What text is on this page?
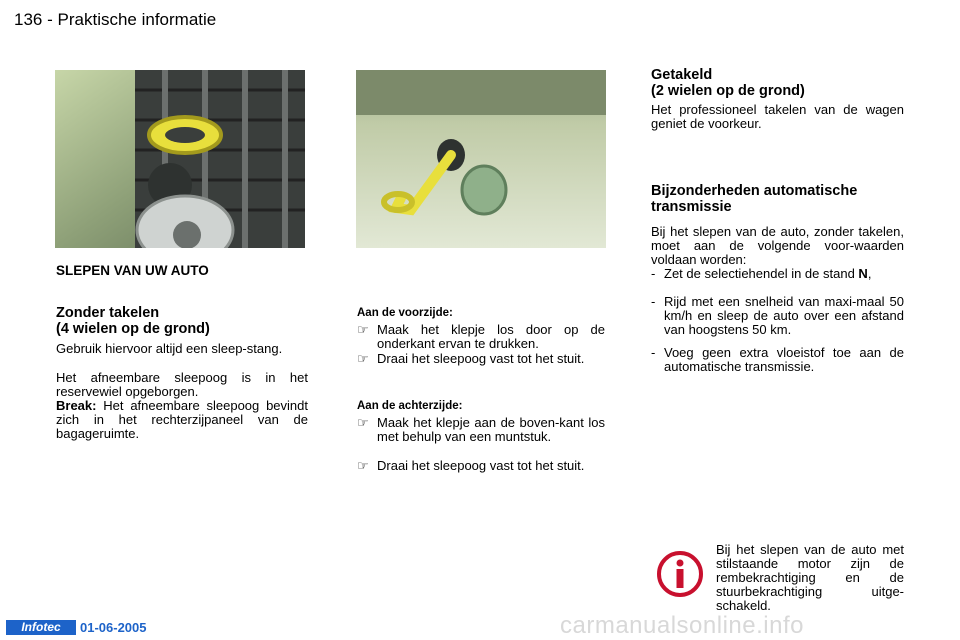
136 - Praktische informatie
SLEPEN VAN UW AUTO
Zonder takelen
(4 wielen op de grond)
Gebruik hiervoor altijd een sleep-stang.
Het afneembare sleepoog is in het reservewiel opgeborgen.
Break: Het afneembare sleepoog bevindt zich in het rechterzijpaneel van de bagageruimte.
Aan de voorzijde:
☞ Maak het klepje los door op de onderkant ervan te drukken.
☞ Draai het sleepoog vast tot het stuit.
Aan de achterzijde:
☞ Maak het klepje aan de boven-kant los met behulp van een muntstuk.
☞ Draai het sleepoog vast tot het stuit.
Getakeld
(2 wielen op de grond)
Het professioneel takelen van de wagen geniet de voorkeur.
Bijzonderheden automatische
transmissie
Bij het slepen van de auto, zonder takelen, moet aan de volgende voor-waarden voldaan worden:
- Zet de selectiehendel in de stand N,
- Rijd met een snelheid van maxi-maal 50 km/h en sleep de auto over een afstand van hoogstens 50 km.
- Voeg geen extra vloeistof toe aan de automatische transmissie.
Bij het slepen van de auto met stilstaande motor zijn de rembekrachtiging en de stuurbekrachtiging uitge-schakeld.
Infotec	01-06-2005	carmanualsonline.info
